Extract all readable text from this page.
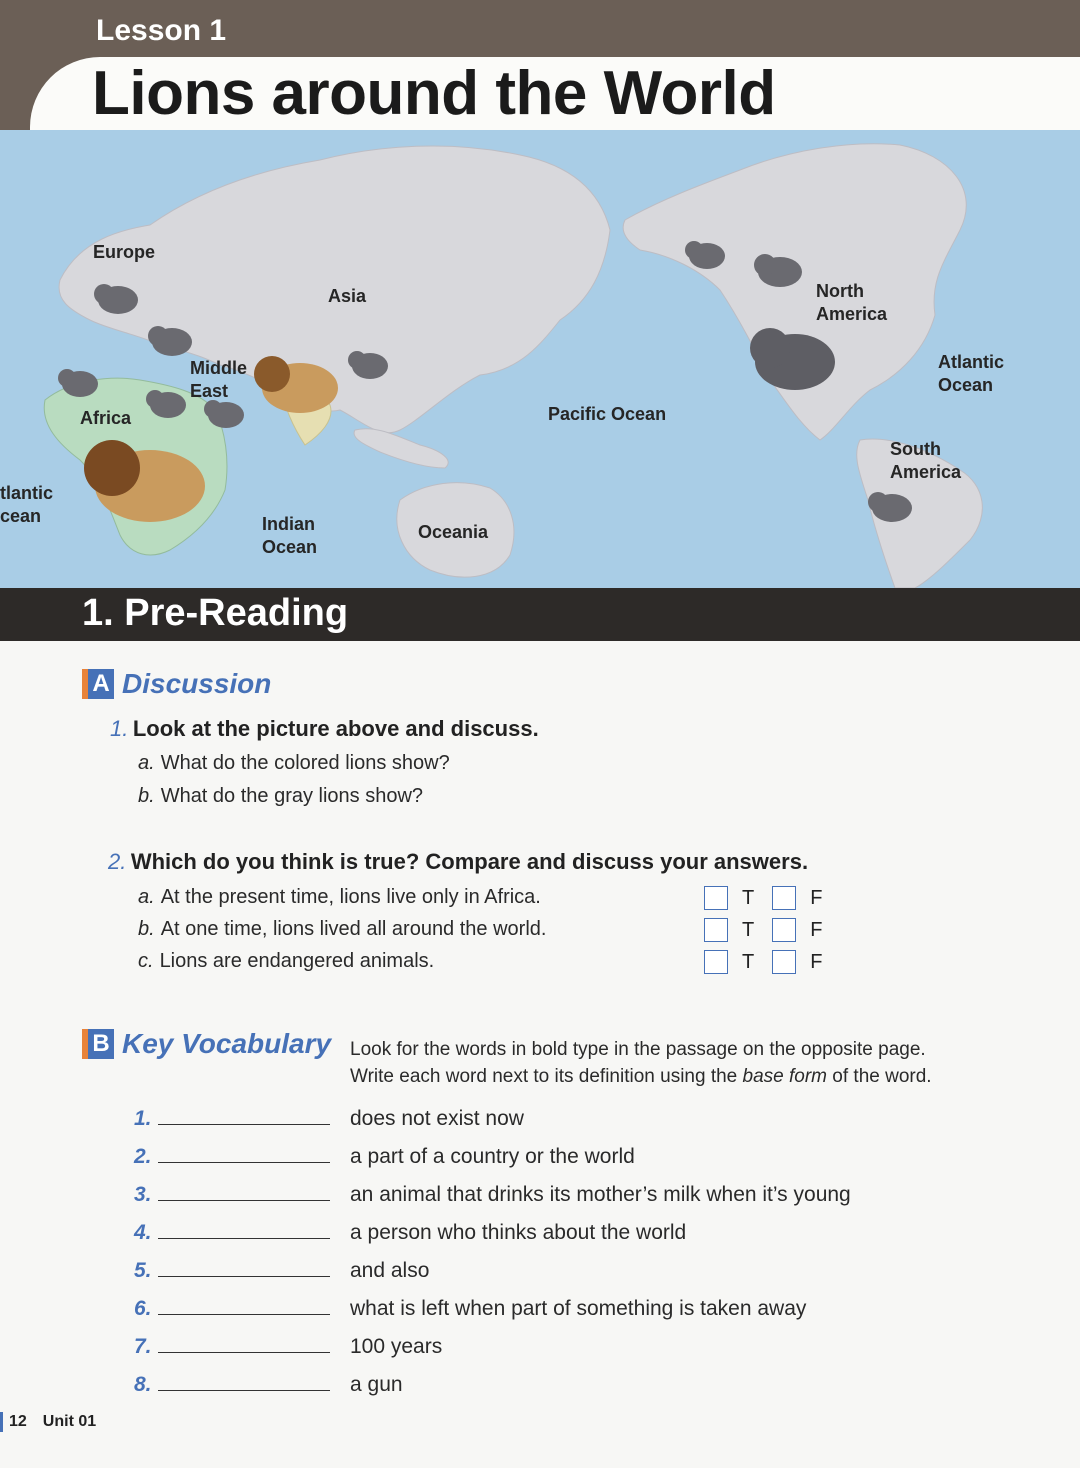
Lesson 1
Lions around the World
Europe
Asia
Middle
East
Africa
tlantic
cean	Indian
Ocean
Oceania
Pacific Ocean
North
America
Atlantic
Ocean
South
America
1. Pre-Reading
A Discussion
1. Look at the picture above and discuss.
a. What do the colored lions show?
b. What do the gray lions show?
2. Which do you think is true? Compare and discuss your answers.
a. At the present time, lions live only in Africa.	T	F
b. At one time, lions lived all around the world.	T	F
c. Lions are endangered animals.	T	F
B Key Vocabulary Look for the words in bold type in the passage on the opposite page.
Write each word next to its definition using the base form of the word.
1.	does not exist now
2.	a part of a country or the world
3.	an animal that drinks its mother’s milk when it’s young
4.	a person who thinks about the world
5.	and also
6.	what is left when part of something is taken away
7.	100 years
8.	a gun
12 Unit 01
